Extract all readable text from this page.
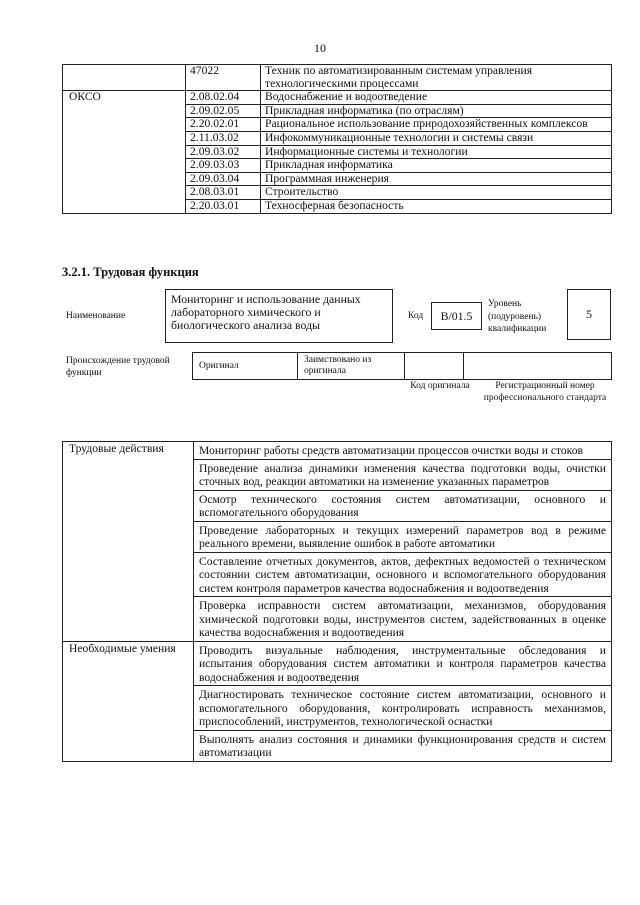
10
	47022	Техник по автоматизированным системам управления технологическими процессами
ОКСО	2.08.02.04	Водоснабжение и водоотведение
	2.09.02.05	Прикладная информатика (по отраслям)
	2.20.02.01	Рациональное использование природохозяйственных комплексов
	2.11.03.02	Инфокоммуникационные технологии и системы связи
	2.09.03.02	Информационные системы и технологии
	2.09.03.03	Прикладная информатика
	2.09.03.04	Программная инженерия
	2.08.03.01	Строительство
	2.20.03.01	Техносферная безопасность
3.2.1. Трудовая функция
Наименование
Мониторинг и использование данных лабораторного химического и биологического анализа воды
Код	B/01.5
Уровень (подуровень) квалификации
5
Происхождение трудовой функции
Оригинал	Заимствовано из оригинала		
Код оригинала	Регистрационный номер профессионального стандарта
Трудовые действия	Мониторинг работы средств автоматизации процессов очистки воды и стоков
	Проведение анализа динамики изменения качества подготовки воды, очистки сточных вод, реакции автоматики на изменение указанных параметров
	Осмотр технического состояния систем автоматизации, основного и вспомогательного оборудования
	Проведение лабораторных и текущих измерений параметров вод в режиме реального времени, выявление ошибок в работе автоматики
	Составление отчетных документов, актов, дефектных ведомостей о техническом состоянии систем автоматизации, основного и вспомогательного оборудования систем контроля параметров качества водоснабжения и водоотведения
	Проверка исправности систем автоматизации, механизмов, оборудования химической подготовки воды, инструментов систем, задействованных в оценке качества водоснабжения и водоотведения
Необходимые умения	Проводить визуальные наблюдения, инструментальные обследования и испытания оборудования систем автоматики и контроля параметров качества водоснабжения и водоотведения
	Диагностировать техническое состояние систем автоматизации, основного и вспомогательного оборудования, контролировать исправность механизмов, приспособлений, инструментов, технологической оснастки
	Выполнять анализ состояния и динамики функционирования средств и систем автоматизации
